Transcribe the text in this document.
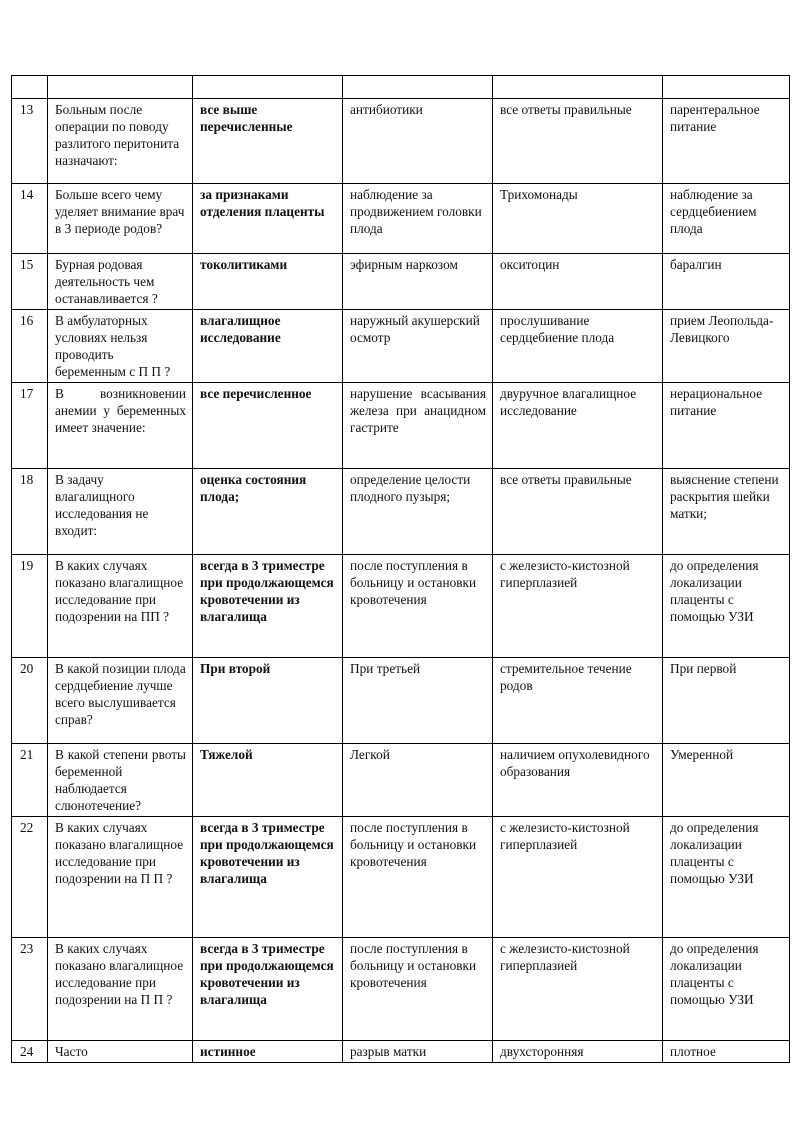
13	Больным после операции по поводу разлитого перитонита назначают:	все выше перечисленные	антибиотики	все ответы правильные	парентеральное питание
14	Больше всего чему уделяет внимание врач в 3 периоде родов?	за признаками отделения плаценты	наблюдение за продвижением головки плода	Трихомонады	наблюдение за сердцебиением плода
15	Бурная родовая деятельность чем останавливается ?	токолитиками	эфирным наркозом	окситоцин	баралгин
16	В амбулаторных условиях нельзя проводить беременным с П П ?	влагалищное исследование	наружный акушерский осмотр	прослушивание сердцебиение плода	прием Леопольда-Левицкого
17	В возникновении анемии у беременных имеет значение:	все перечисленное	нарушение всасывания железа при анацидном гастрите	двуручное влагалищное исследование	нерациональное питание
18	В задачу влагалищного исследования не входит:	оценка состояния плода;	определение целости плодного пузыря;	все ответы правильные	выяснение степени раскрытия шейки матки;
19	В каких случаях показано влагалищное исследование при подозрении на ПП ?	всегда в 3 триместре при продолжающемся кровотечении из влагалища	после поступления в больницу и остановки кровотечения	с железисто-кистозной гиперплазией	до определения локализации плаценты с помощью УЗИ
20	В какой позиции плода сердцебиение лучше всего выслушивается справ?	При второй	При третьей	стремительное течение родов	При первой
21	В какой степени рвоты беременной наблюдается слюнотечение?	Тяжелой	Легкой	наличием опухолевидного образования	Умеренной
22	В каких случаях показано влагалищное исследование при подозрении на П П ?	всегда в 3 триместре при продолжающемся кровотечении из влагалища	после поступления в больницу и остановки кровотечения	с железисто-кистозной гиперплазией	до определения локализации плаценты с помощью УЗИ
23	В каких случаях показано влагалищное исследование при подозрении на П П ?	всегда в 3 триместре при продолжающемся кровотечении из влагалища	после поступления в больницу и остановки кровотечения	с железисто-кистозной гиперплазией	до определения локализации плаценты с помощью УЗИ
24	Часто	истинное	разрыв матки	двухсторонняя	плотное
